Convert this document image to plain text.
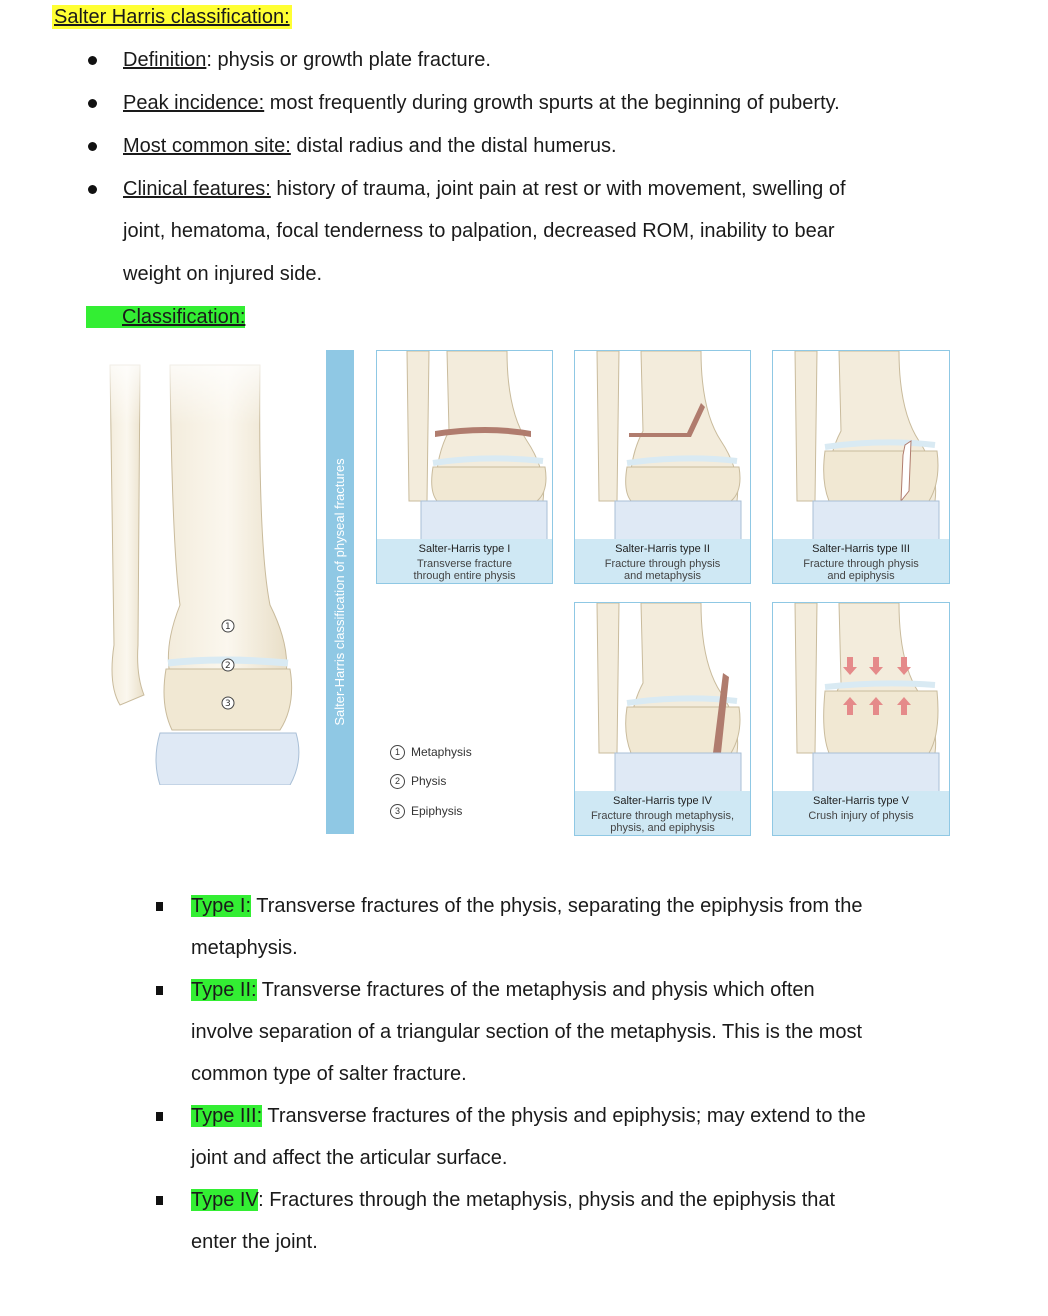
Salter Harris classification:
Definition: physis or growth plate fracture.
Peak incidence: most frequently during growth spurts at the beginning of puberty.
Most common site: distal radius and the distal humerus.
Clinical features: history of trauma, joint pain at rest or with movement, swelling of
joint, hematoma, focal tenderness to palpation, decreased ROM, inability to bear
weight on injured side.
Classification:
1
2
3	Salter-Harris classification of physeal fractures
1 Metaphysis
2 Physis
3 Epiphysis
Salter-Harris type I
Transverse fracture
through entire physis
Salter-Harris type II
Fracture through physis
and metaphysis
Salter-Harris type III
Fracture through physis
and epiphysis
Salter-Harris type IV
Fracture through metaphysis,
physis, and epiphysis
Salter-Harris type V
Crush injury of physis
Type I: Transverse fractures of the physis, separating the epiphysis from the
metaphysis.
Type II: Transverse fractures of the metaphysis and physis which often
involve separation of a triangular section of the metaphysis. This is the most
common type of salter fracture.
Type III: Transverse fractures of the physis and epiphysis; may extend to the
joint and affect the articular surface.
Type IV: Fractures through the metaphysis, physis and the epiphysis that
enter the joint.
